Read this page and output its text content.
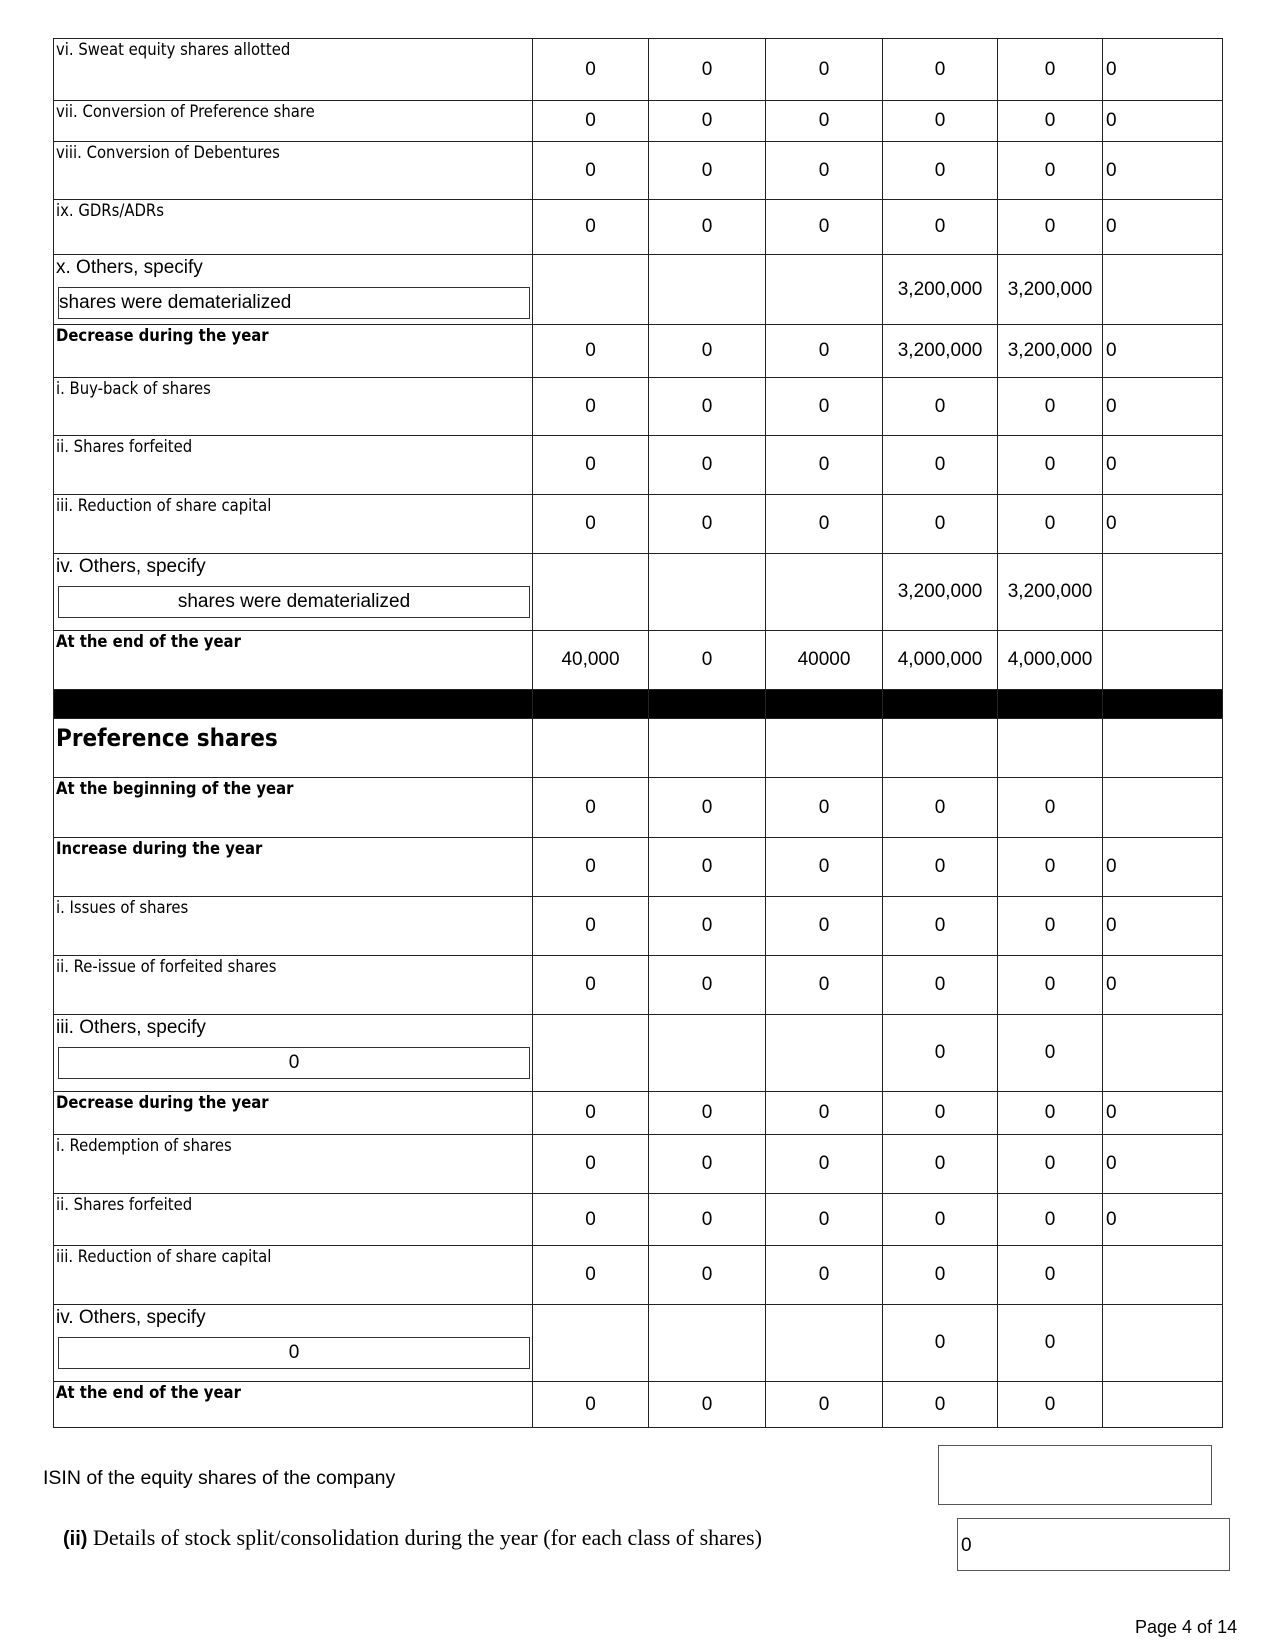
vi. Sweat equity shares allotted	0	0	0	0	0	0
vii. Conversion of Preference share	0	0	0	0	0	0
viii. Conversion of Debentures	0	0	0	0	0	0
ix. GDRs/ADRs	0	0	0	0	0	0
x. Others, specify
shares were dematerialized				3,200,000	3,200,000	
Decrease during the year	0	0	0	3,200,000	3,200,000	0
i. Buy-back of shares	0	0	0	0	0	0
ii. Shares forfeited	0	0	0	0	0	0
iii. Reduction of share capital	0	0	0	0	0	0
iv. Others, specify
shares were dematerialized				3,200,000	3,200,000	
At the end of the year	40,000	0	40000	4,000,000	4,000,000	

Preference shares						
At the beginning of the year	0	0	0	0	0	
Increase during the year	0	0	0	0	0	0
i. Issues of shares	0	0	0	0	0	0
ii. Re-issue of forfeited shares	0	0	0	0	0	0
iii. Others, specify
0				0	0	
Decrease during the year	0	0	0	0	0	0
i. Redemption of shares	0	0	0	0	0	0
ii. Shares forfeited	0	0	0	0	0	0
iii. Reduction of share capital	0	0	0	0	0	
iv. Others, specify
0				0	0	
At the end of the year	0	0	0	0	0	
ISIN of the equity shares of the company
(ii) Details of stock split/consolidation during the year (for each class of shares)	0
Page 4 of 14
